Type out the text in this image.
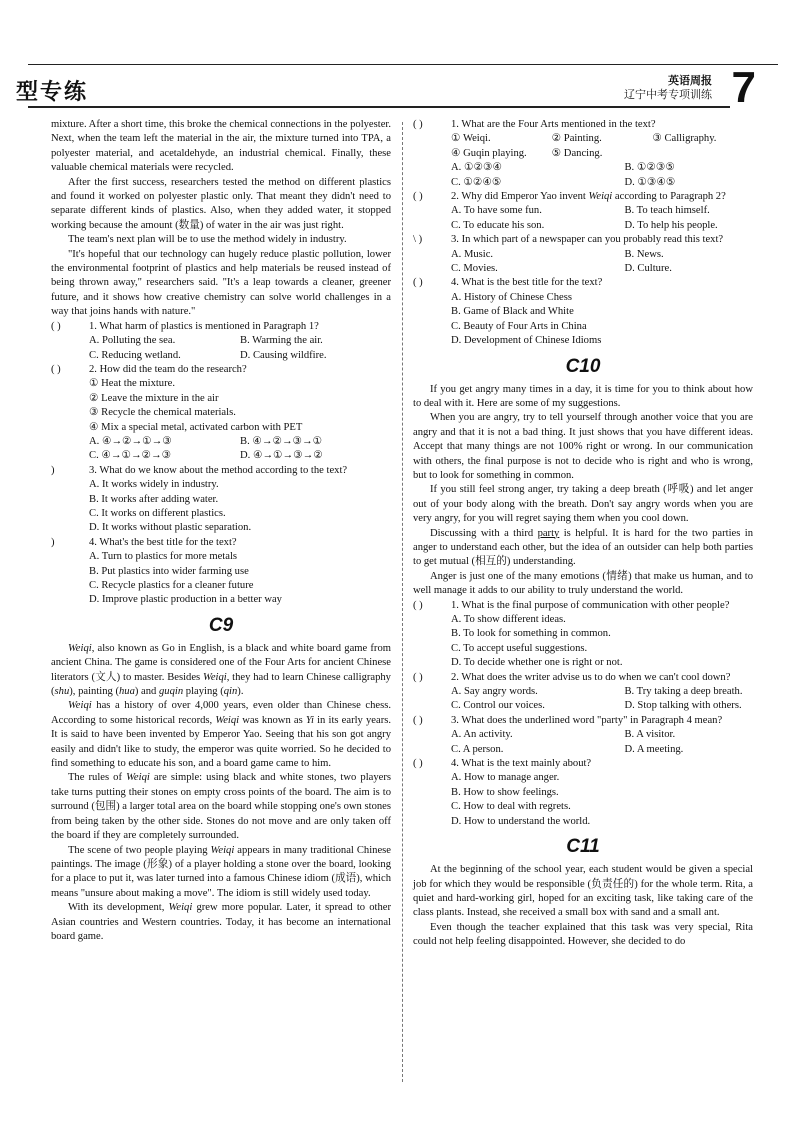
型专练	英语周报
辽宁中考专项训练 7

mixture. After a short time, this broke the chemical connections in the polyester. Next, when the team left the material in the air, the mixture turned into TPA, a polyester material, and acetaldehyde, an industrial chemical. Finally, these valuable chemical materials were recycled.

After the first success, researchers tested the method on different plastics and found it worked on polyester plastic only. That meant they didn't need to separate different kinds of plastics. Also, when they added water, it stopped working because the amount (数量) of water in the air was just right.

The team's next plan will be to use the method widely in industry.

"It's hopeful that our technology can hugely reduce plastic pollution, lower the environmental footprint of plastics and help materials be reused instead of being thrown away," researchers said. "It's a leap towards a cleaner, greener future, and it shows how creative chemistry can solve world challenges in a way that joins hands with nature."

( )	1. What harm of plastics is mentioned in Paragraph 1?
A. Polluting the sea.	B. Warming the air.
C. Reducing wetland.	D. Causing wildfire.
( )	2. How did the team do the research?
① Heat the mixture.
② Leave the mixture in the air
③ Recycle the chemical materials.
④ Mix a special metal, activated carbon with PET
A. ④→②→①→③	B. ④→②→③→①
C. ④→①→②→③	D. ④→①→③→②
)	3. What do we know about the method according to the text?
A. It works widely in industry.
B. It works after adding water.
C. It works on different plastics.
D. It works without plastic separation.
)	4. What's the best title for the text?
A. Turn to plastics for more metals
B. Put plastics into wider farming use
C. Recycle plastics for a cleaner future
D. Improve plastic production in a better way
C9

Weiqi, also known as Go in English, is a black and white board game from ancient China. The game is considered one of the Four Arts for ancient Chinese literators (文人) to master. Besides Weiqi, they had to learn Chinese calligraphy (shu), painting (hua) and guqin playing (qin).

Weiqi has a history of over 4,000 years, even older than Chinese chess. According to some historical records, Weiqi was known as Yi in its early years. It is said to have been invented by Emperor Yao. Seeing that his son got angry easily and didn't like to study, the emperor was quite worried. So he decided to find something to educate his son, and a board game came to him.

The rules of Weiqi are simple: using black and white stones, two players take turns putting their stones on empty cross points of the board. The aim is to surround (包围) a larger total area on the board while stopping one's own stones from being taken by the other side. Stones do not move and are only taken off the board if they are completely surrounded.

The scene of two people playing Weiqi appears in many traditional Chinese paintings. The image (形象) of a player holding a stone over the board, looking for a place to put it, was later turned into a famous Chinese idiom (成语), which means "unsure about making a move". The idiom is still widely used today.

With its development, Weiqi grew more popular. Later, it spread to other Asian countries and Western countries. Today, it has become an international board game.

( )	1. What are the Four Arts mentioned in the text?
① Weiqi.	② Painting.	③ Calligraphy.
④ Guqin playing.	⑤ Dancing.
A. ①②③④	B. ①②③⑤
C. ①②④⑤	D. ①③④⑤
( )	2. Why did Emperor Yao invent Weiqi according to Paragraph 2?
A. To have some fun.	B. To teach himself.
C. To educate his son.	D. To help his people.
\ )	3. In which part of a newspaper can you probably read this text?
A. Music.	B. News.
C. Movies.	D. Culture.
( )	4. What is the best title for the text?
A. History of Chinese Chess
B. Game of Black and White
C. Beauty of Four Arts in China
D. Development of Chinese Idioms
C10

If you get angry many times in a day, it is time for you to think about how to deal with it. Here are some of my suggestions.

When you are angry, try to tell yourself through another voice that you are angry and that it is not a bad thing. It just shows that you have different ideas. Accept that many things are not 100% right or wrong. In our communication with others, the final purpose is not to decide who is right and who is wrong, but to look for something in common.

If you still feel strong anger, try taking a deep breath (呼吸) and let anger out of your body along with the breath. Don't say angry words when you are very angry, for you will regret saying them when you cool down.

Discussing with a third party is helpful. It is hard for the two parties in anger to understand each other, but the idea of an outsider can help both parties to get mutual (相互的) understanding.

Anger is just one of the many emotions (情绪) that make us human, and to well manage it adds to our ability to truly understand the world.

( )	1. What is the final purpose of communication with other people?
A. To show different ideas.
B. To look for something in common.
C. To accept useful suggestions.
D. To decide whether one is right or not.
( )	2. What does the writer advise us to do when we can't cool down?
A. Say angry words.	B. Try taking a deep breath.
C. Control our voices.	D. Stop talking with others.
( )	3. What does the underlined word "party" in Paragraph 4 mean?
A. An activity.	B. A visitor.
C. A person.	D. A meeting.
( )	4. What is the text mainly about?
A. How to manage anger.
B. How to show feelings.
C. How to deal with regrets.
D. How to understand the world.
C11

At the beginning of the school year, each student would be given a special job for which they would be responsible (负责任的) for the whole term. Rita, a quiet and hard-working girl, hoped for an exciting task, like taking care of the class plants. Instead, she received a small box with sand and a small ant.

Even though the teacher explained that this task was very special, Rita could not help feeling disappointed. However, she decided to do
